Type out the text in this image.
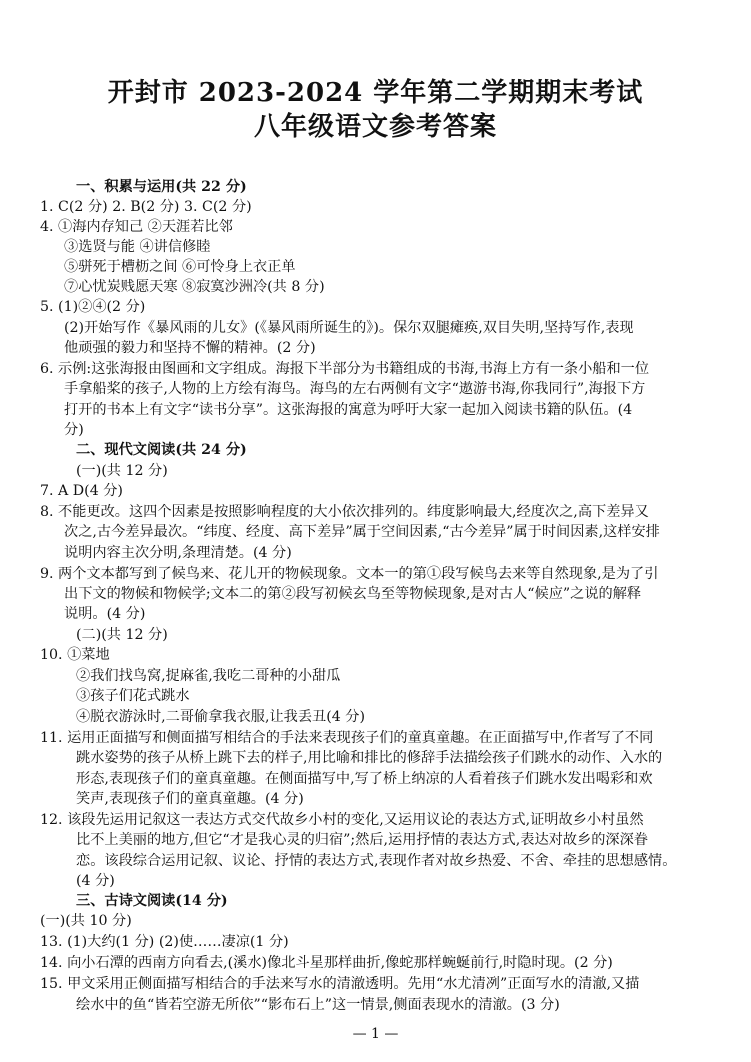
开封市 2023-2024 学年第二学期期末考试
八年级语文参考答案
一、积累与运用(共 22 分)
1. C(2 分) 2. B(2 分) 3. C(2 分)
4. ①海内存知己 ②天涯若比邻
③选贤与能 ④讲信修睦
⑤骈死于槽枥之间 ⑥可怜身上衣正单
⑦心忧炭贱愿天寒 ⑧寂寞沙洲冷(共 8 分)
5. (1)②④(2 分)
(2)开始写作《暴风雨的儿女》(《暴风雨所诞生的》)。保尔双腿瘫痪,双目失明,坚持写作,表现
他顽强的毅力和坚持不懈的精神。(2 分)
6. 示例:这张海报由图画和文字组成。海报下半部分为书籍组成的书海,书海上方有一条小船和一位
手拿船桨的孩子,人物的上方绘有海鸟。海鸟的左右两侧有文字“遨游书海,你我同行”,海报下方
打开的书本上有文字“读书分享”。这张海报的寓意为呼吁大家一起加入阅读书籍的队伍。(4
分)
二、现代文阅读(共 24 分)
(一)(共 12 分)
7. A D(4 分)
8. 不能更改。这四个因素是按照影响程度的大小依次排列的。纬度影响最大,经度次之,高下差异又
次之,古今差异最次。“纬度、经度、高下差异”属于空间因素,“古今差异”属于时间因素,这样安排
说明内容主次分明,条理清楚。(4 分)
9. 两个文本都写到了候鸟来、花儿开的物候现象。文本一的第①段写候鸟去来等自然现象,是为了引
出下文的物候和物候学;文本二的第②段写初候玄鸟至等物候现象,是对古人“候应”之说的解释
说明。(4 分)
(二)(共 12 分)
10. ①菜地
②我们找鸟窝,捉麻雀,我吃二哥种的小甜瓜
③孩子们花式跳水
④脱衣游泳时,二哥偷拿我衣服,让我丢丑(4 分)
11. 运用正面描写和侧面描写相结合的手法来表现孩子们的童真童趣。在正面描写中,作者写了不同
跳水姿势的孩子从桥上跳下去的样子,用比喻和排比的修辞手法描绘孩子们跳水的动作、入水的
形态,表现孩子们的童真童趣。在侧面描写中,写了桥上纳凉的人看着孩子们跳水发出喝彩和欢
笑声,表现孩子们的童真童趣。(4 分)
12. 该段先运用记叙这一表达方式交代故乡小村的变化,又运用议论的表达方式,证明故乡小村虽然
比不上美丽的地方,但它“才是我心灵的归宿”;然后,运用抒情的表达方式,表达对故乡的深深眷
恋。该段综合运用记叙、议论、抒情的表达方式,表现作者对故乡热爱、不舍、牵挂的思想感情。
(4 分)
三、古诗文阅读(14 分)
(一)(共 10 分)
13. (1)大约(1 分) (2)使……凄凉(1 分)
14. 向小石潭的西南方向看去,(溪水)像北斗星那样曲折,像蛇那样蜿蜒前行,时隐时现。(2 分)
15. 甲文采用正侧面描写相结合的手法来写水的清澈透明。先用“水尤清冽”正面写水的清澈,又描
绘水中的鱼“皆若空游无所依”“影布石上”这一情景,侧面表现水的清澈。(3 分)
— 1 —
